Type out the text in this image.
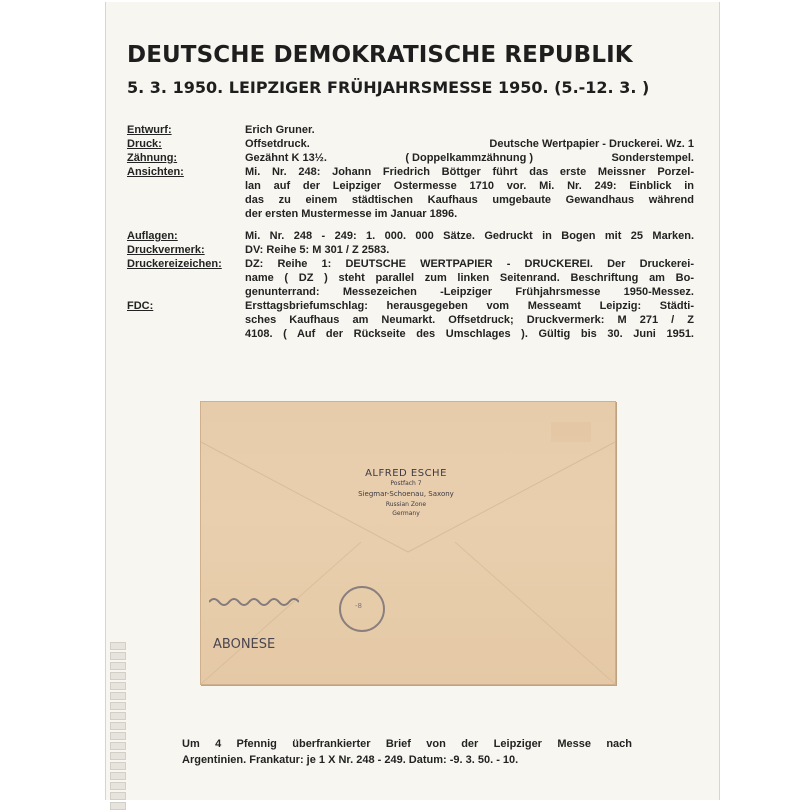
DEUTSCHE DEMOKRATISCHE REPUBLIK
5. 3. 1950. LEIPZIGER FRÜHJAHRSMESSE 1950. (5.-12. 3. )
Entwurf:	Erich Gruner.
Druck:	Offsetdruck.	Deutsche Wertpapier - Druckerei. Wz. 1
Zähnung:	Gezähnt K 13½.	( Doppelkammzähnung )	Sonderstempel.
Ansichten:	Mi. Nr. 248: Johann Friedrich Böttger führt das erste Meissner Porzel-
lan auf der Leipziger Ostermesse 1710 vor. Mi. Nr. 249: Einblick in
das zu einem städtischen Kaufhaus umgebaute Gewandhaus während
der ersten Mustermesse im Januar 1896.
Auflagen:	Mi. Nr. 248 - 249: 1. 000. 000 Sätze. Gedruckt in Bogen mit 25 Marken.
Druckvermerk:	DV: Reihe 5: M 301 / Z 2583.
Druckereizeichen:	DZ: Reihe 1: DEUTSCHE WERTPAPIER - DRUCKEREI. Der Druckerei-
name ( DZ ) steht parallel zum linken Seitenrand. Beschriftung am Bo-
genunterrand: Messezeichen -Leipziger Frühjahrsmesse 1950-Messez.
FDC:	Ersttagsbriefumschlag: herausgegeben vom Messeamt Leipzig: Städti-
sches Kaufhaus am Neumarkt. Offsetdruck; Druckvermerk: M 271 / Z
4108. ( Auf der Rückseite des Umschlages ). Gültig bis 30. Juni 1951.
ALFRED ESCHE
Postfach 7
Siegmar-Schoenau, Saxony
Russian Zone
Germany
ABONESE
-8
Um 4 Pfennig überfrankierter Brief von der Leipziger Messe nach
Argentinien. Frankatur: je 1 X Nr. 248 - 249. Datum: -9. 3. 50. - 10.
